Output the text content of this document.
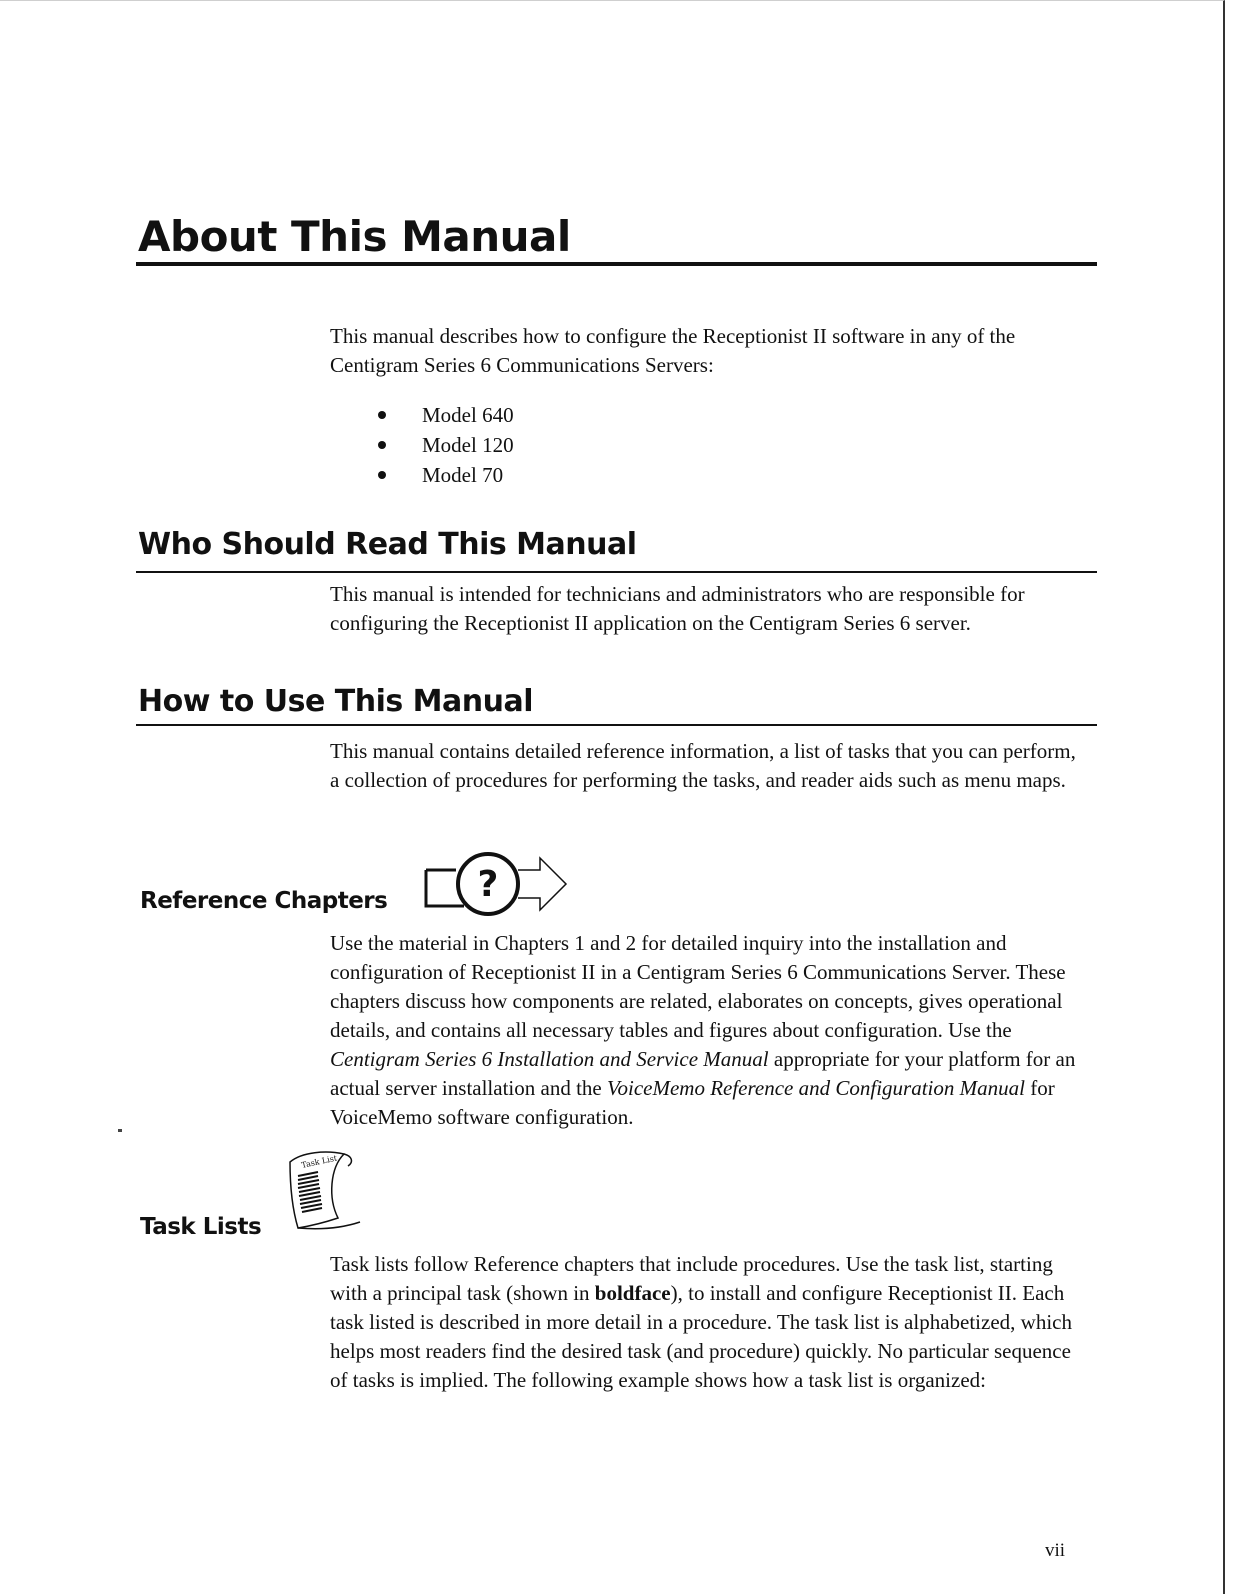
About This Manual

This manual describes how to configure the Receptionist II software in any of the Centigram Series 6 Communications Servers:

Model 640
Model 120
Model 70
Who Should Read This Manual

This manual is intended for technicians and administrators who are responsible for configuring the Receptionist II application on the Centigram Series 6 server.

How to Use This Manual

This manual contains detailed reference information, a list of tasks that you can perform, a collection of procedures for performing the tasks, and reader aids such as menu maps.

Reference Chapters	?

Use the material in Chapters 1 and 2 for detailed inquiry into the installation and configuration of Receptionist II in a Centigram Series 6 Communications Server. These chapters discuss how components are related, elaborates on concepts, gives operational details, and contains all necessary tables and figures about configuration. Use the Centigram Series 6 Installation and Service Manual appropriate for your platform for an actual server installation and the VoiceMemo Reference and Configuration Manual for VoiceMemo software configuration.

Task Lists
Task List

Task lists follow Reference chapters that include procedures. Use the task list, starting with a principal task (shown in boldface), to install and configure Receptionist II. Each task listed is described in more detail in a procedure. The task list is alphabetized, which helps most readers find the desired task (and procedure) quickly. No particular sequence of tasks is implied. The following example shows how a task list is organized:

vii
